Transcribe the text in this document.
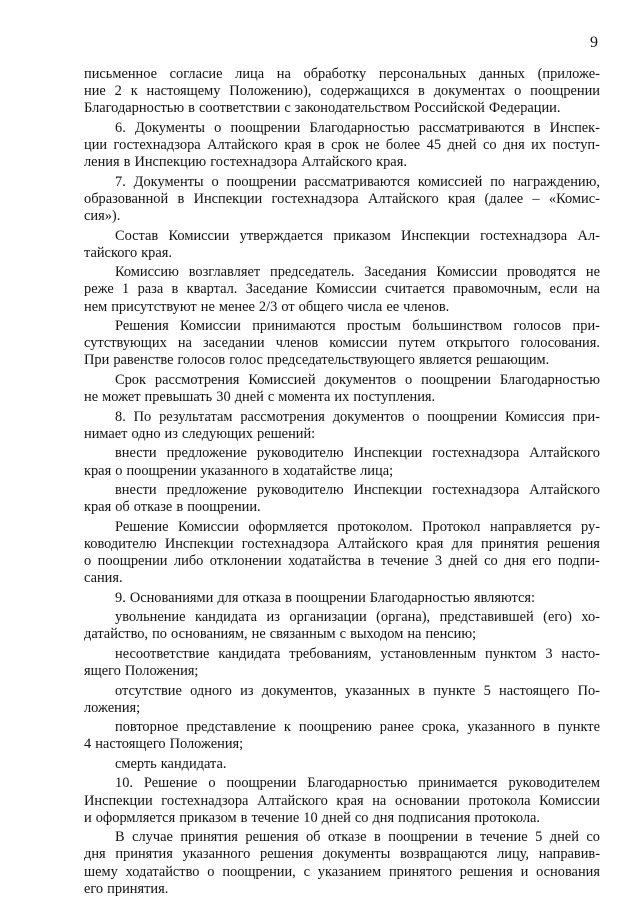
9
письменное согласие лица на обработку персональных данных (приложе-
ние 2 к настоящему Положению), содержащихся в документах о поощрении
Благодарностью в соответствии с законодательством Российской Федерации.
6. Документы о поощрении Благодарностью рассматриваются в Инспек-
ции гостехнадзора Алтайского края в срок не более 45 дней со дня их поступ-
ления в Инспекцию гостехнадзора Алтайского края.
7. Документы о поощрении рассматриваются комиссией по награждению,
образованной в Инспекции гостехнадзора Алтайского края (далее – «Комис-
сия»).
Состав Комиссии утверждается приказом Инспекции гостехнадзора Ал-
тайского края.
Комиссию возглавляет председатель. Заседания Комиссии проводятся не
реже 1 раза в квартал. Заседание Комиссии считается правомочным, если на
нем присутствуют не менее 2/3 от общего числа ее членов.
Решения Комиссии принимаются простым большинством голосов при-
сутствующих на заседании членов комиссии путем открытого голосования.
При равенстве голосов голос председательствующего является решающим.
Срок рассмотрения Комиссией документов о поощрении Благодарностью
не может превышать 30 дней с момента их поступления.
8. По результатам рассмотрения документов о поощрении Комиссия при-
нимает одно из следующих решений:
внести предложение руководителю Инспекции гостехнадзора Алтайского
края о поощрении указанного в ходатайстве лица;
внести предложение руководителю Инспекции гостехнадзора Алтайского
края об отказе в поощрении.
Решение Комиссии оформляется протоколом. Протокол направляется ру-
ководителю Инспекции гостехнадзора Алтайского края для принятия решения
о поощрении либо отклонении ходатайства в течение 3 дней со дня его подпи-
сания.
9. Основаниями для отказа в поощрении Благодарностью являются:
увольнение кандидата из организации (органа), представившей (его) хо-
датайство, по основаниям, не связанным с выходом на пенсию;
несоответствие кандидата требованиям, установленным пунктом 3 насто-
ящего Положения;
отсутствие одного из документов, указанных в пункте 5 настоящего По-
ложения;
повторное представление к поощрению ранее срока, указанного в пункте
4 настоящего Положения;
смерть кандидата.
10. Решение о поощрении Благодарностью принимается руководителем
Инспекции гостехнадзора Алтайского края на основании протокола Комиссии
и оформляется приказом в течение 10 дней со дня подписания протокола.
В случае принятия решения об отказе в поощрении в течение 5 дней со
дня принятия указанного решения документы возвращаются лицу, направив-
шему ходатайство о поощрении, с указанием принятого решения и основания
его принятия.
